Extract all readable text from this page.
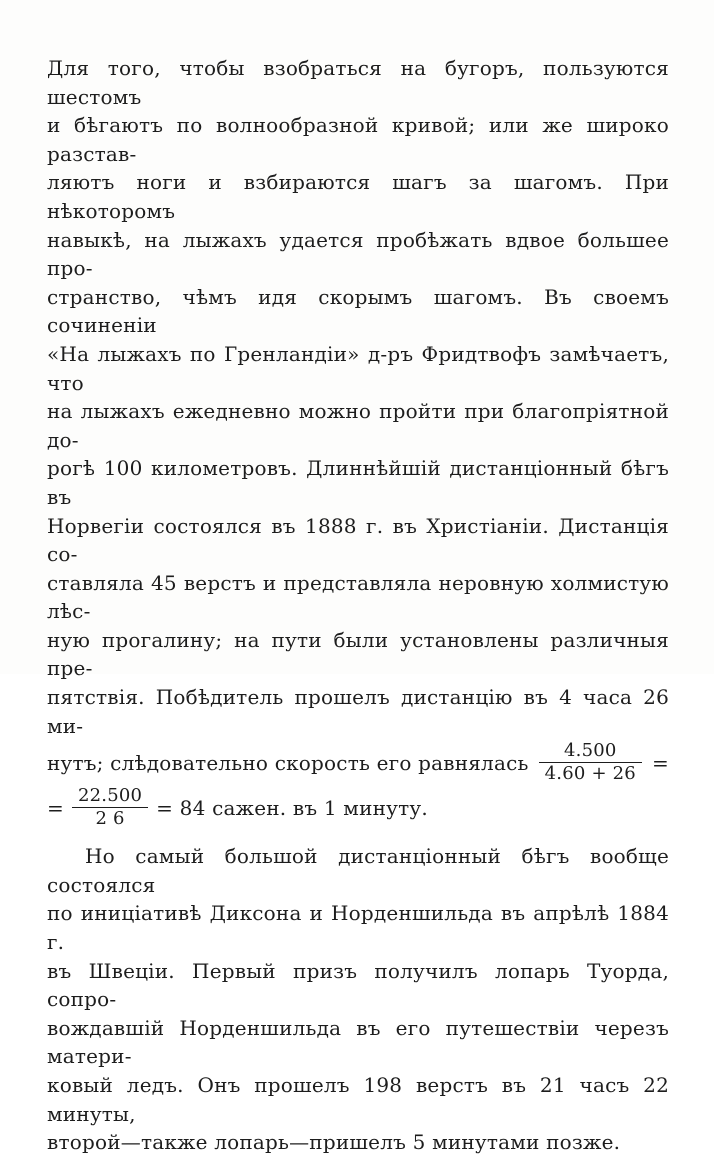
Для того, чтобы взобраться на бугоръ, пользуются шестомъ
и бѣгаютъ по волнообразной кривой; или же широко разстав-
ляютъ ноги и взбираются шагъ за шагомъ. При нѣкоторомъ
навыкѣ, на лыжахъ удается пробѣжать вдвое большее про-
странство, чѣмъ идя скорымъ шагомъ. Въ своемъ сочиненіи
«На лыжахъ по Гренландіи» д-ръ Фридтвофъ замѣчаетъ, что
на лыжахъ ежедневно можно пройти при благопріятной до-
рогѣ 100 километровъ. Длиннѣйшій дистанціонный бѣгъ въ
Норвегіи состоялся въ 1888 г. въ Христіаніи. Дистанція со-
ставляла 45 верстъ и представляла неровную холмистую лѣс-
ную прогалину; на пути были установлены различныя пре-
пятствія. Побѣдитель прошелъ дистанцію въ 4 часа 26 ми-
нутъ; слѣдовательно скорость его равнялась $\frac{4.500}{4.60 + 26}$ =
= $\frac{22.500}{2 6} = 84$ сажен. въ 1 минуту.
Но самый большой дистанціонный бѣгъ вообще состоялся
по иниціативѣ Диксона и Норденшильда въ апрѣлѣ 1884 г.
въ Швеціи. Первый призъ получилъ лопарь Туорда, сопро-
вождавшій Норденшильда въ его путешествіи черезъ матери-
ковый ледъ. Онъ прошелъ 198 верстъ въ 21 часъ 22 минуты,
второй—также лопарь—пришелъ 5 минутами позже.
